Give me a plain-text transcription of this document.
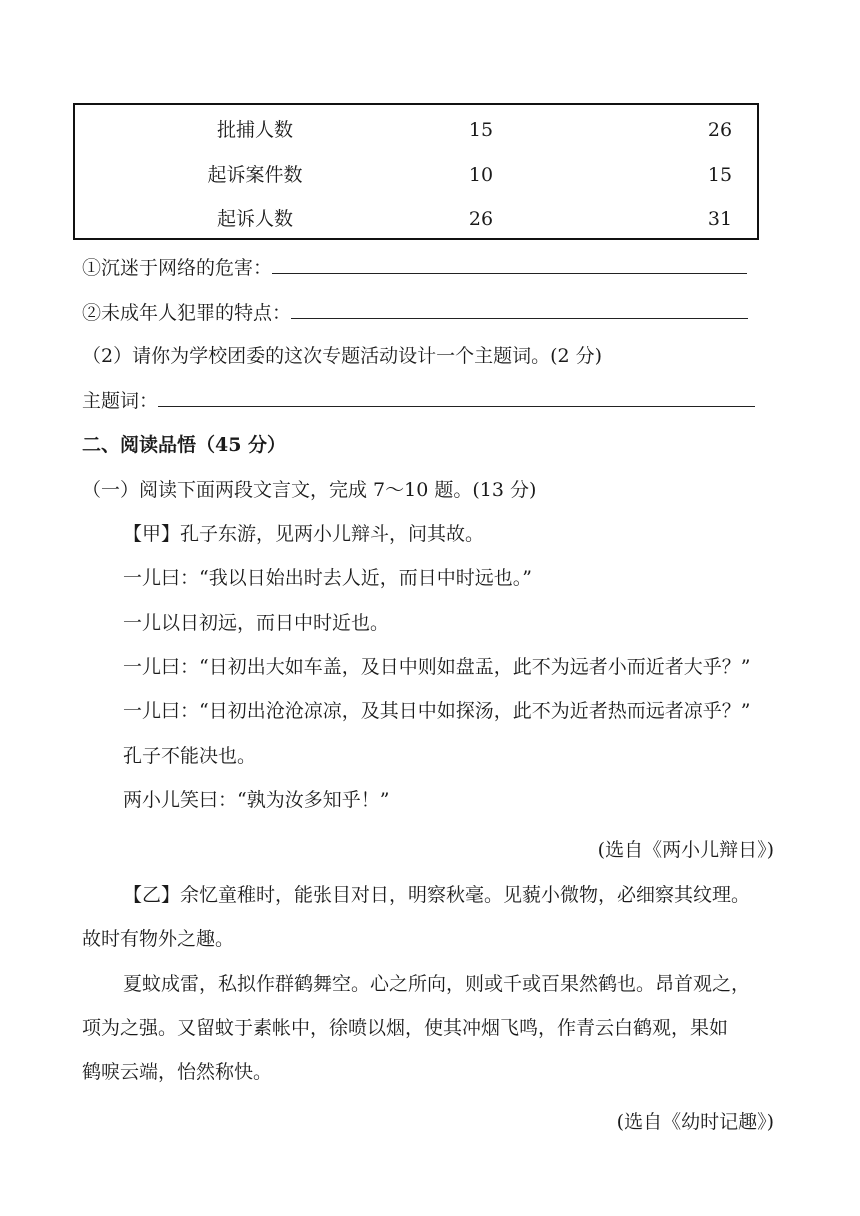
批捕人数	15	26
起诉案件数	10	15
起诉人数	26	31
①沉迷于网络的危害：
②未成年人犯罪的特点：
（2）请你为学校团委的这次专题活动设计一个主题词。(2 分)
主题词：
二、阅读品悟（45 分）
（一）阅读下面两段文言文，完成 7～10 题。(13 分)
【甲】孔子东游，见两小儿辩斗，问其故。
一儿曰：“我以日始出时去人近，而日中时远也。”
一儿以日初远，而日中时近也。
一儿曰：“日初出大如车盖，及日中则如盘盂，此不为远者小而近者大乎？”
一儿曰：“日初出沧沧凉凉，及其日中如探汤，此不为近者热而远者凉乎？”
孔子不能决也。
两小儿笑曰：“孰为汝多知乎！”
(选自《两小儿辩日》)
【乙】余忆童稚时，能张目对日，明察秋毫。见藐小微物，必细察其纹理。
故时有物外之趣。
夏蚊成雷，私拟作群鹤舞空。心之所向，则或千或百果然鹤也。昂首观之，
项为之强。又留蚊于素帐中，徐喷以烟，使其冲烟飞鸣，作青云白鹤观，果如
鹤唳云端，怡然称快。
(选自《幼时记趣》)
